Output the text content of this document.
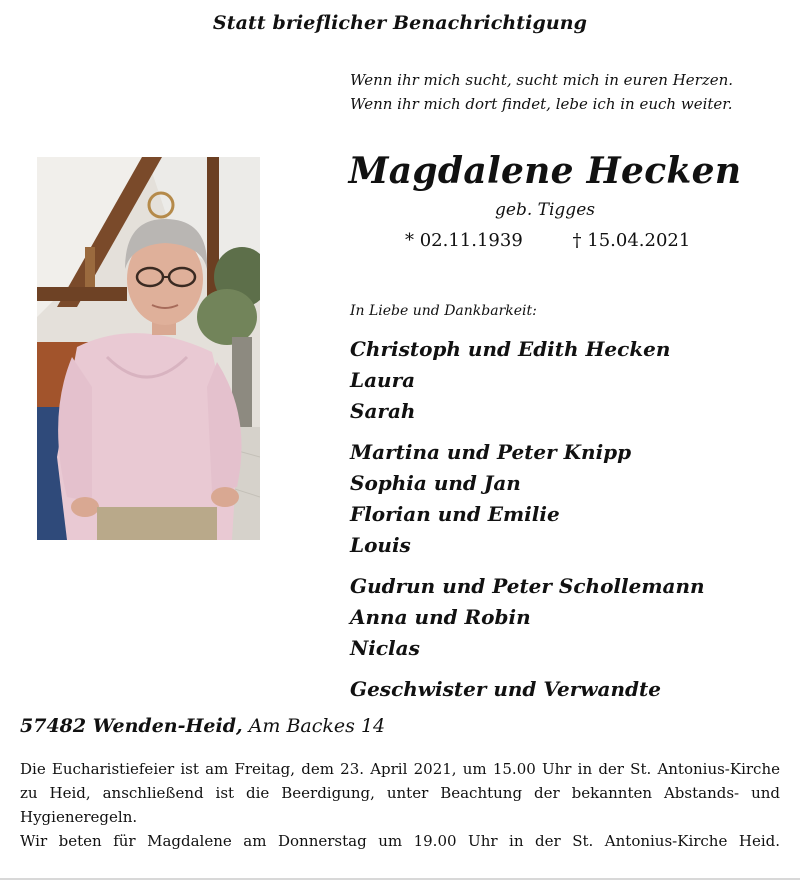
Statt brieflicher Benachrichtigung
Wenn ihr mich sucht, sucht mich in euren Herzen.
Wenn ihr mich dort findet, lebe ich in euch weiter.
Magdalene Hecken
geb. Tigges
* 02.11.1939	† 15.04.2021
In Liebe und Dankbarkeit:
Christoph und Edith Hecken
Laura
Sarah
Martina und Peter Knipp
Sophia und Jan
Florian und Emilie
Louis
Gudrun und Peter Schollemann
Anna und Robin
Niclas
Geschwister und Verwandte
57482 Wenden-Heid, Am Backes 14

Die Eucharistiefeier ist am Freitag, dem 23. April 2021, um 15.00 Uhr in der St. Antonius-Kirche zu Heid, anschließend ist die Beerdigung, unter Beachtung der bekannten Abstands- und Hygieneregeln.

Wir beten für Magdalene am Donnerstag um 19.00 Uhr in der St. Antonius-Kirche Heid.
